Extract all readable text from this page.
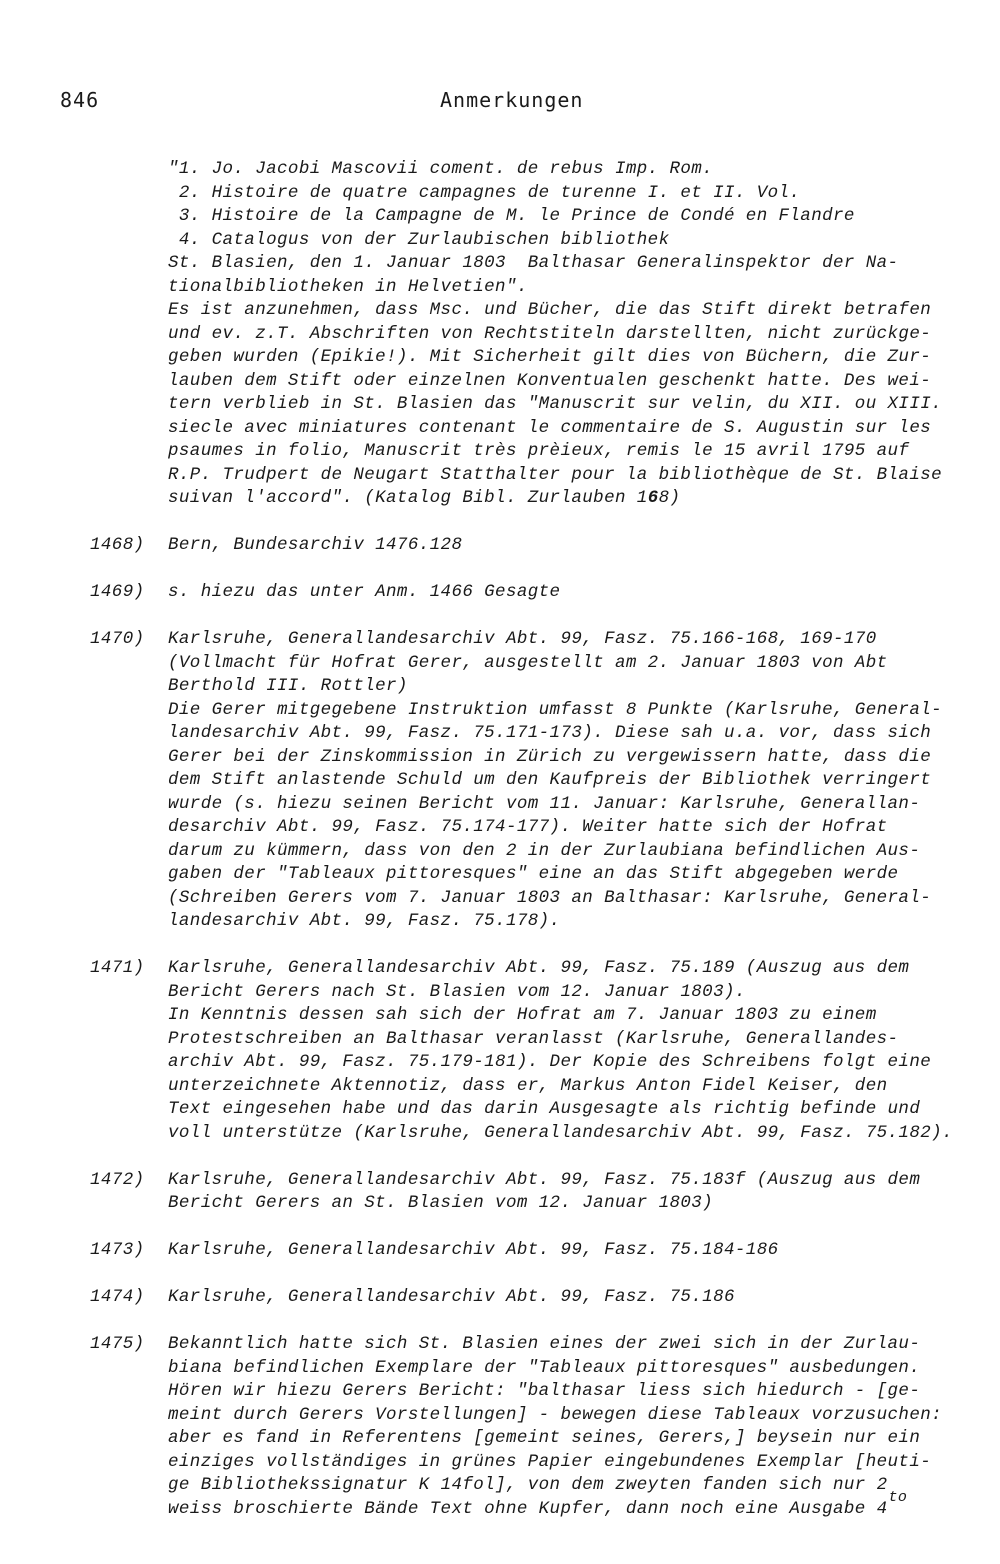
846	Anmerkungen
"1. Jo. Jacobi Mascovii coment. de rebus Imp. Rom.
2. Histoire de quatre campagnes de turenne I. et II. Vol.
3. Histoire de la Campagne de M. le Prince de Condé en Flandre
4. Catalogus von der Zurlaubischen bibliothek
St. Blasien, den 1. Januar 1803  Balthasar Generalinspektor der Na-
tionalbibliotheken in Helvetien".
Es ist anzunehmen, dass Msc. und Bücher, die das Stift direkt betrafen
und ev. z.T. Abschriften von Rechtstiteln darstellten, nicht zurückge-
geben wurden (Epikie!). Mit Sicherheit gilt dies von Büchern, die Zur-
lauben dem Stift oder einzelnen Konventualen geschenkt hatte. Des wei-
tern verblieb in St. Blasien das "Manuscrit sur velin, du XII. ou XIII.
siecle avec miniatures contenant le commentaire de S. Augustin sur les
psaumes in folio, Manuscrit très prèieux, remis le 15 avril 1795 auf
R.P. Trudpert de Neugart Statthalter pour la bibliothèque de St. Blaise
suivan l'accord". (Katalog Bibl. Zurlauben 168)
1468) Bern, Bundesarchiv 1476.128
1469) s. hiezu das unter Anm. 1466 Gesagte
1470) Karlsruhe, Generallandesarchiv Abt. 99, Fasz. 75.166-168, 169-170
(Vollmacht für Hofrat Gerer, ausgestellt am 2. Januar 1803 von Abt
Berthold III. Rottler)
Die Gerer mitgegebene Instruktion umfasst 8 Punkte (Karlsruhe, General-
landesarchiv Abt. 99, Fasz. 75.171-173). Diese sah u.a. vor, dass sich
Gerer bei der Zinskommission in Zürich zu vergewissern hatte, dass die
dem Stift anlastende Schuld um den Kaufpreis der Bibliothek verringert
wurde (s. hiezu seinen Bericht vom 11. Januar: Karlsruhe, Generallan-
desarchiv Abt. 99, Fasz. 75.174-177). Weiter hatte sich der Hofrat
darum zu kümmern, dass von den 2 in der Zurlaubiana befindlichen Aus-
gaben der "Tableaux pittoresques" eine an das Stift abgegeben werde
(Schreiben Gerers vom 7. Januar 1803 an Balthasar: Karlsruhe, General-
landesarchiv Abt. 99, Fasz. 75.178).
1471) Karlsruhe, Generallandesarchiv Abt. 99, Fasz. 75.189 (Auszug aus dem
Bericht Gerers nach St. Blasien vom 12. Januar 1803).
In Kenntnis dessen sah sich der Hofrat am 7. Januar 1803 zu einem
Protestschreiben an Balthasar veranlasst (Karlsruhe, Generallandes-
archiv Abt. 99, Fasz. 75.179-181). Der Kopie des Schreibens folgt eine
unterzeichnete Aktennotiz, dass er, Markus Anton Fidel Keiser, den
Text eingesehen habe und das darin Ausgesagte als richtig befinde und
voll unterstütze (Karlsruhe, Generallandesarchiv Abt. 99, Fasz. 75.182).
1472) Karlsruhe, Generallandesarchiv Abt. 99, Fasz. 75.183f (Auszug aus dem
Bericht Gerers an St. Blasien vom 12. Januar 1803)
1473) Karlsruhe, Generallandesarchiv Abt. 99, Fasz. 75.184-186
1474) Karlsruhe, Generallandesarchiv Abt. 99, Fasz. 75.186
1475) Bekanntlich hatte sich St. Blasien eines der zwei sich in der Zurlau-
biana befindlichen Exemplare der "Tableaux pittoresques" ausbedungen.
Hören wir hiezu Gerers Bericht: "balthasar liess sich hiedurch - [ge-
meint durch Gerers Vorstellungen] - bewegen diese Tableaux vorzusuchen:
aber es fand in Referentens [gemeint seines, Gerers,] beysein nur ein
einziges vollständiges in grünes Papier eingebundenes Exemplar [heuti-
ge Bibliothekssignatur K 14fol], von dem zweyten fanden sich nur 2
weiss broschierte Bände Text ohne Kupfer, dann noch eine Ausgabe 4to
